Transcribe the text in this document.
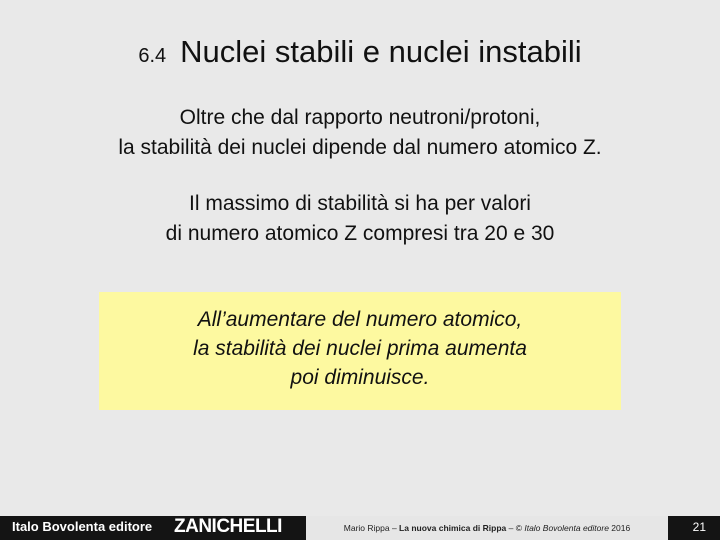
6.4 Nuclei stabili e nuclei instabili
Oltre che dal rapporto neutroni/protoni,
la stabilità dei nuclei dipende dal numero atomico Z.
Il massimo di stabilità si ha per valori
di numero atomico Z compresi tra 20 e 30
All’aumentare del numero atomico,
la stabilità dei nuclei prima aumenta
poi diminuisce.
Italo Bovolenta editore ZANICHELLI	Mario Rippa – La nuova chimica di Rippa – © Italo Bovolenta editore 2016	21
